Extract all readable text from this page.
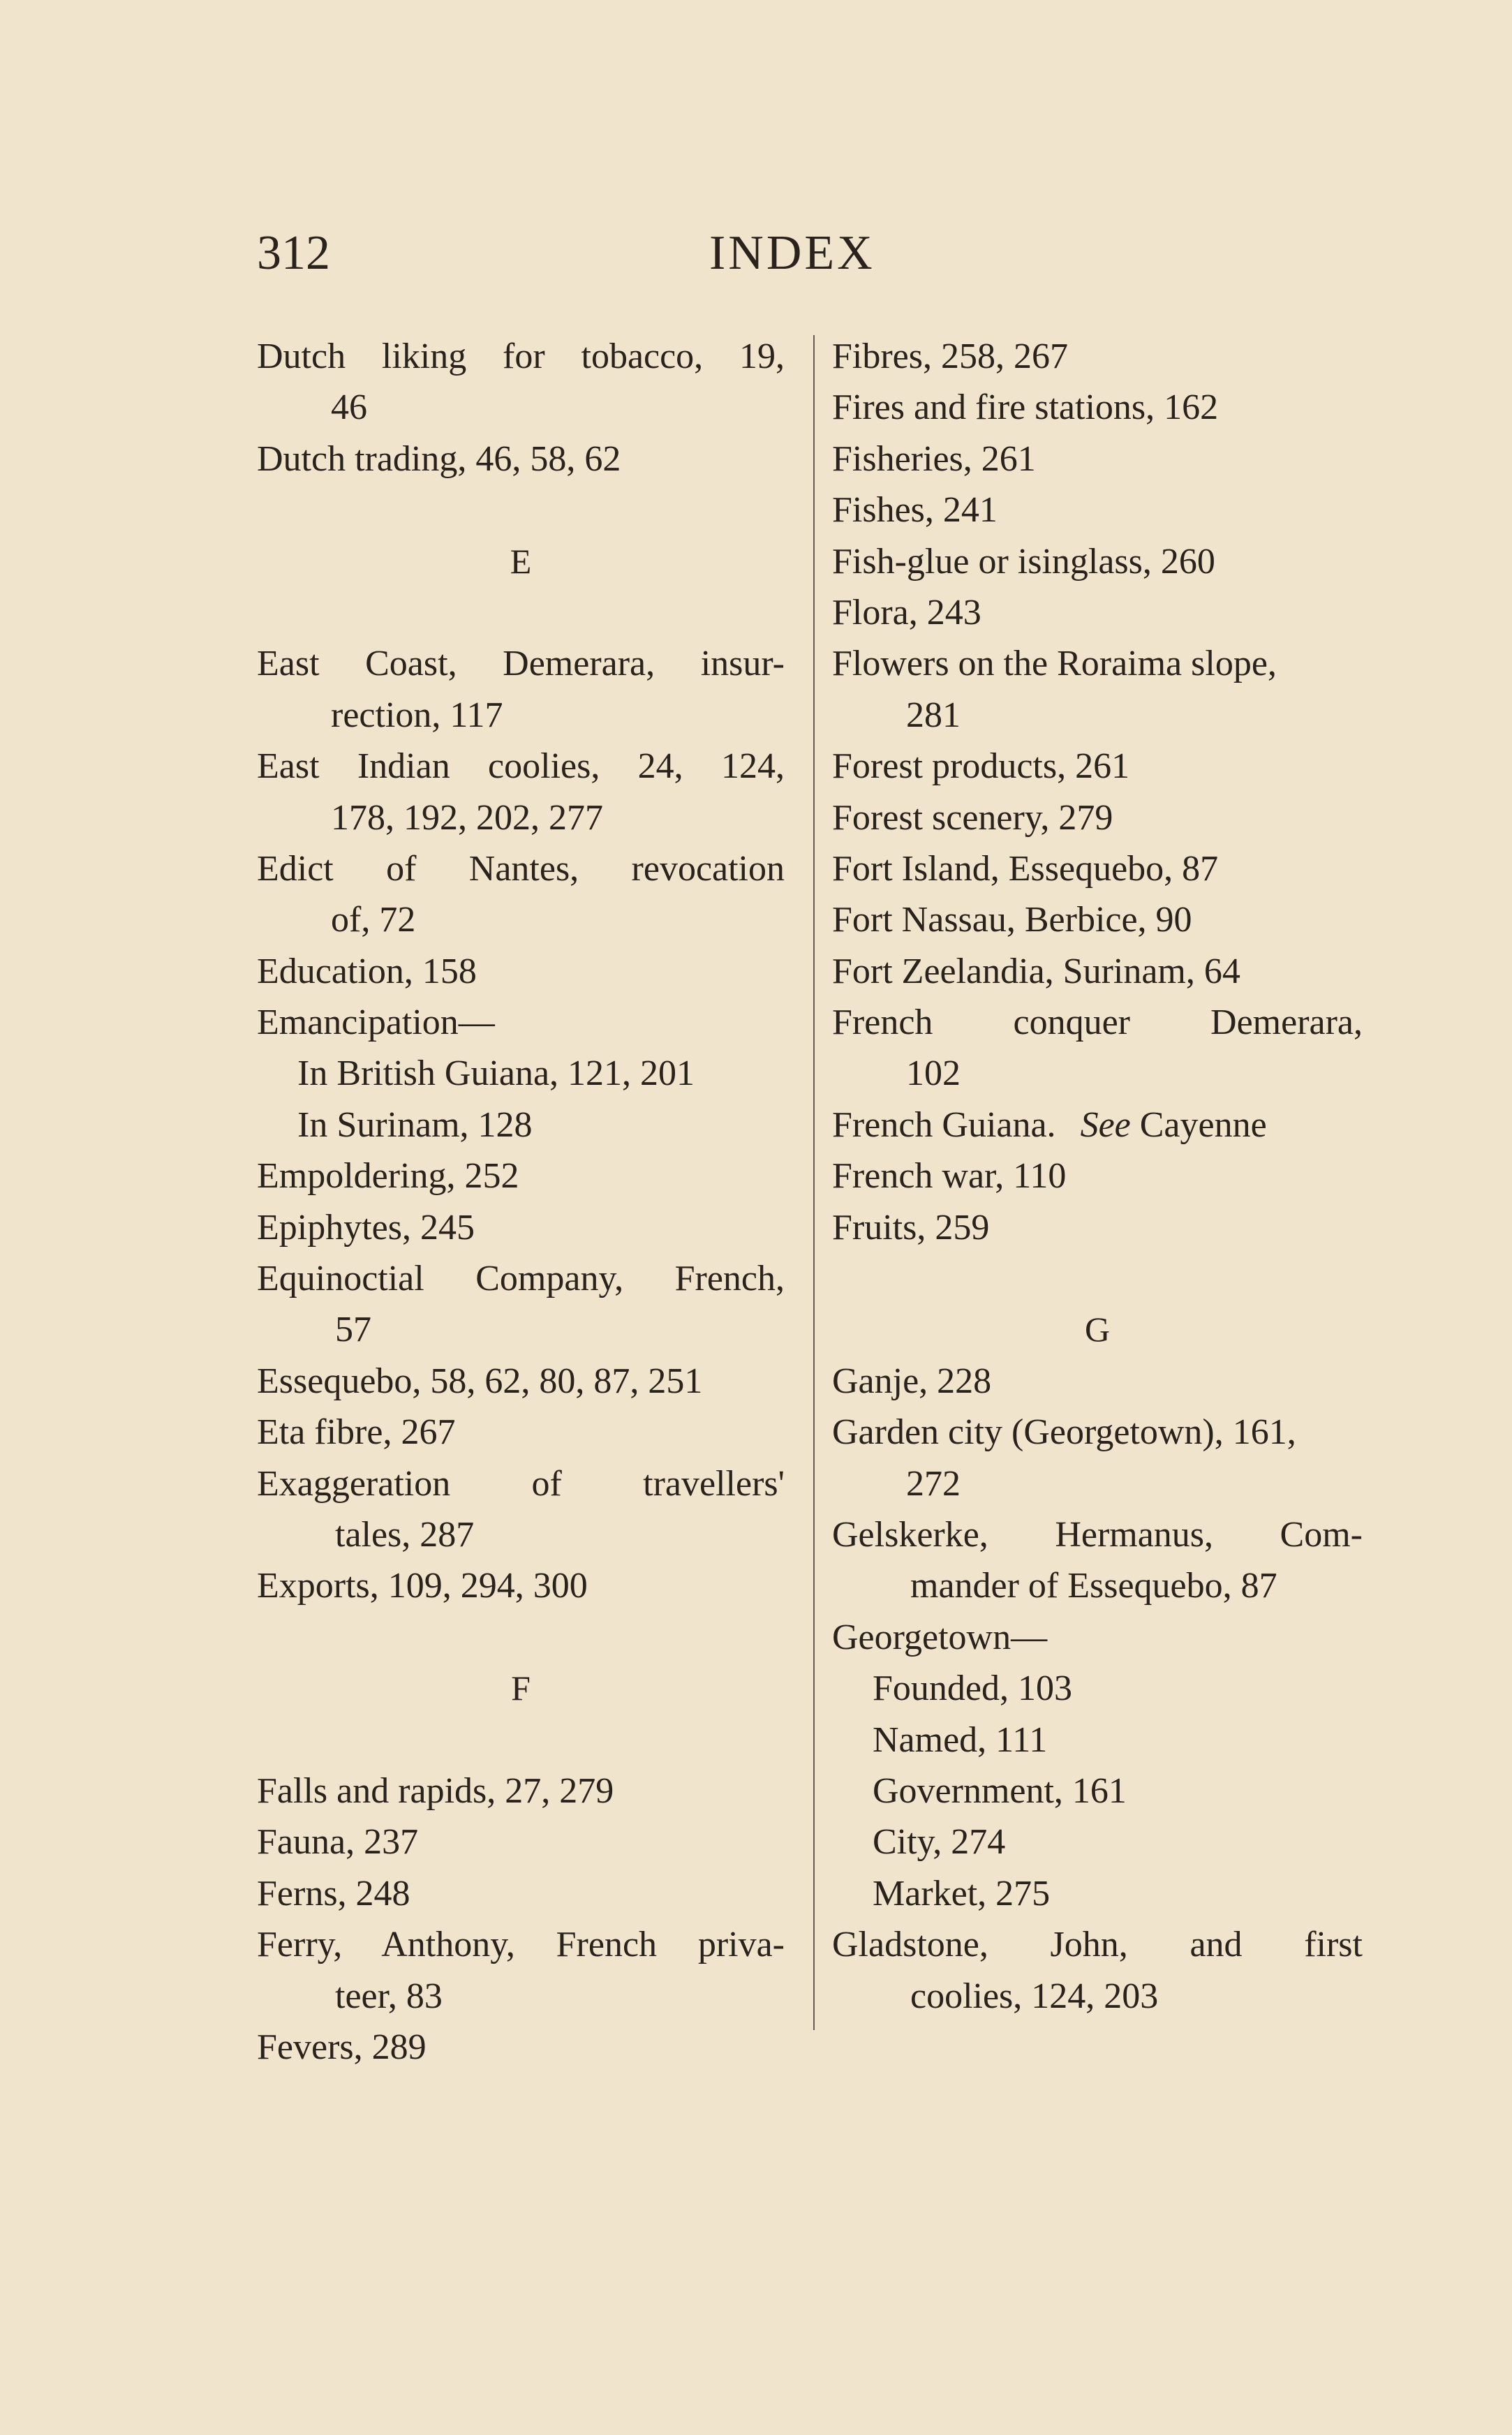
312	INDEX
Dutch liking for tobacco, 19,
46
Dutch trading, 46, 58, 62
E
East Coast, Demerara, insur-
rection, 117
East Indian coolies, 24, 124,
178, 192, 202, 277
Edict of Nantes, revocation
of, 72
Education, 158
Emancipation—
In British Guiana, 121, 201
In Surinam, 128
Empoldering, 252
Epiphytes, 245
Equinoctial Company, French,
57
Essequebo, 58, 62, 80, 87, 251
Eta fibre, 267
Exaggeration of travellers'
tales, 287
Exports, 109, 294, 300
F
Falls and rapids, 27, 279
Fauna, 237
Ferns, 248
Ferry, Anthony, French priva-
teer, 83
Fevers, 289
Fibres, 258, 267
Fires and fire stations, 162
Fisheries, 261
Fishes, 241
Fish-glue or isinglass, 260
Flora, 243
Flowers on the Roraima slope,
281
Forest products, 261
Forest scenery, 279
Fort Island, Essequebo, 87
Fort Nassau, Berbice, 90
Fort Zeelandia, Surinam, 64
French conquer Demerara,
102
French Guiana. See Cayenne
French war, 110
Fruits, 259
G
Ganje, 228
Garden city (Georgetown), 161,
272
Gelskerke, Hermanus, Com-
mander of Essequebo, 87
Georgetown—
Founded, 103
Named, 111
Government, 161
City, 274
Market, 275
Gladstone, John, and first
coolies, 124, 203
